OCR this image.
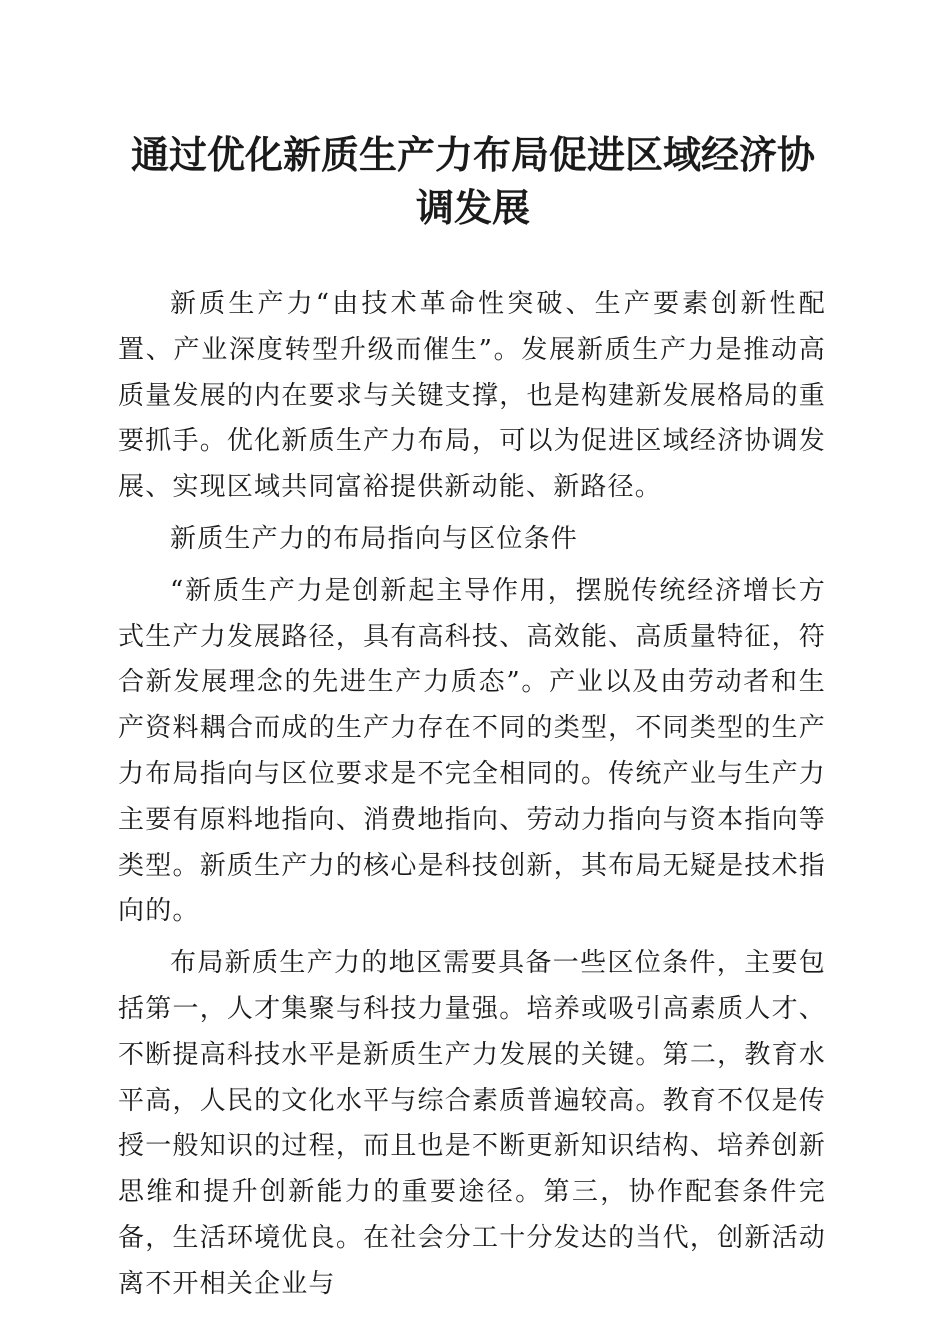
通过优化新质生产力布局促进区域经济协调发展

新质生产力“由技术革命性突破、生产要素创新性配置、产业深度转型升级而催生”。发展新质生产力是推动高质量发展的内在要求与关键支撑，也是构建新发展格局的重要抓手。优化新质生产力布局，可以为促进区域经济协调发展、实现区域共同富裕提供新动能、新路径。

新质生产力的布局指向与区位条件

“新质生产力是创新起主导作用，摆脱传统经济增长方式生产力发展路径，具有高科技、高效能、高质量特征，符合新发展理念的先进生产力质态”。产业以及由劳动者和生产资料耦合而成的生产力存在不同的类型，不同类型的生产力布局指向与区位要求是不完全相同的。传统产业与生产力主要有原料地指向、消费地指向、劳动力指向与资本指向等类型。新质生产力的核心是科技创新，其布局无疑是技术指向的。

布局新质生产力的地区需要具备一些区位条件，主要包括第一，人才集聚与科技力量强。培养或吸引高素质人才、不断提高科技水平是新质生产力发展的关键。第二，教育水平高，人民的文化水平与综合素质普遍较高。教育不仅是传授一般知识的过程，而且也是不断更新知识结构、培养创新思维和提升创新能力的重要途径。第三，协作配套条件完备，生活环境优良。在社会分工十分发达的当代，创新活动离不开相关企业与
